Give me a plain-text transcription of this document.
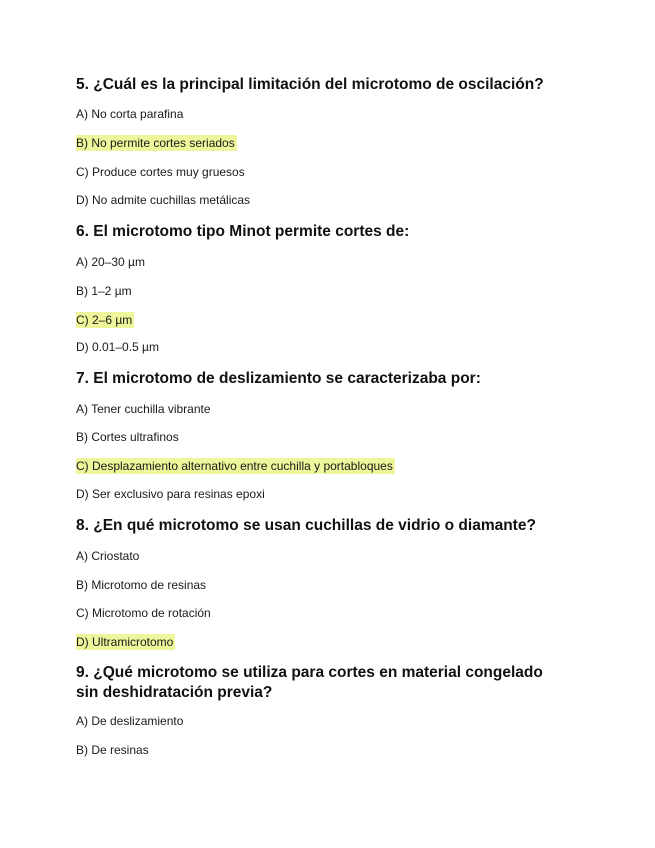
5. ¿Cuál es la principal limitación del microtomo de oscilación?
A) No corta parafina
B) No permite cortes seriados
C) Produce cortes muy gruesos
D) No admite cuchillas metálicas
6. El microtomo tipo Minot permite cortes de:
A) 20–30 µm
B) 1–2 µm
C) 2–6 µm
D) 0.01–0.5 µm
7. El microtomo de deslizamiento se caracterizaba por:
A) Tener cuchilla vibrante
B) Cortes ultrafinos
C) Desplazamiento alternativo entre cuchilla y portabloques
D) Ser exclusivo para resinas epoxi
8. ¿En qué microtomo se usan cuchillas de vidrio o diamante?
A) Criostato
B) Microtomo de resinas
C) Microtomo de rotación
D) Ultramicrotomo
9. ¿Qué microtomo se utiliza para cortes en material congelado sin deshidratación previa?
A) De deslizamiento
B) De resinas
